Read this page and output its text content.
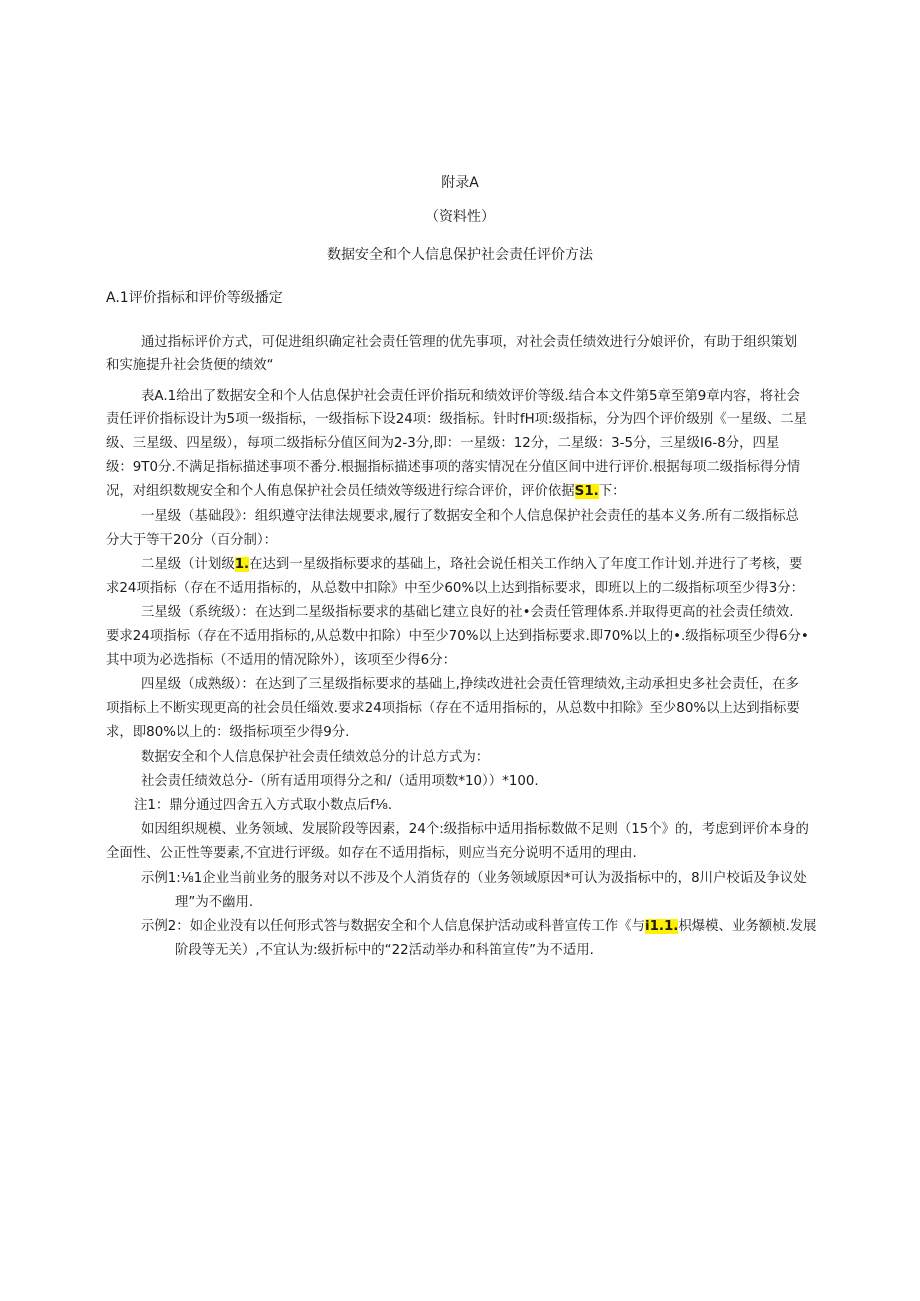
附录A
（资料性）
数据安全和个人信息保护社会责任评价方法
A.1评价指标和评价等级播定
通过指标评价方式，可促进组织确定社会责任管理的优先事项，对社会责任绩效进行分娘评价，有助于组织策划
和实施提升社会货便的绩效“
表A.1给出了数据安全和个人估息保护社会责任评价指玩和绩效评价等级.结合本文件第5章至第9章内容，将社会
责任评价指标设计为5项一级指标，一级指标下设24项：级指标。针时fH项:级指标，分为四个评价级别《一星级、二星
级、三星级、四星级），每项二级指标分值区间为2-3分,即：一星级：12分，二星级：3-5分，三星级I6-8分，四星
级：9T0分.不满足指标描述事项不番分.根掘指标描述事项的落实情况在分值区间中进行评价.根据每项二级指标得分情
况，对组织数规安全和个人侑息保护社会员任绩效等级进行综合评价，评价依据S1.下：
一星级（基础段》：组织遵守法律法规要求,履行了数据安全和个人信息保护社会责任的基本义务.所有二级指标总
分大于等干20分（百分制）：
二星级（计划级1.在达到一星级指标要求的基础上，珞社会说任相关工作纳入了年度工作计划.并进行了考核，要
求24项指标（存在不适用指标的，从总数中扣除》中至少60%以上达到指标要求，即班以上的二级指标项至少得3分：
三星级（系统级）：在达到二星级指标要求的基础匕建立良好的社•会责任管理体系.并取得更高的社会责任绩效.
要求24项指标（存在不适用指标的,从总数中扣除）中至少70%以上达到指标要求.即70%以上的•.级指标项至少得6分•
其中项为必选指标（不适用的情况除外），该项至少得6分：
四星级（成熟级）：在达到了三星级指标要求的基础上,挣续改进社会责任管理绩效,主动承担史多社会责任，在多
项指标上不断实现更高的社会员任缁效.要求24项指标（存在不适用指标的，从总数中扣除》至少80%以上达到指标要
求，即80%以上的：级指标项至少得9分.
数据安全和个人信息保护社会责任绩效总分的计总方式为：
社会责任绩效总分-（所有适用项得分之和/（适用项数*10））*100.
注1：鼎分通过四舍五入方式取小数点后f⅛.
如因组织规模、业务领域、发展阶段等因素，24个:级指标中适用指标数做不足则（15个》的，考虑到评价本身的
全面性、公正性等要素,不宜进行评级。如存在不适用指标，则应当充分说明不适用的理由.
示例1:⅛1企业当前业务的服务对以不涉及个人消货存的（业务领域原因*可认为汲指标中的，8川户校诟及争议处
理”为不幽用.
示例2：如企业没有以任何形式答与数据安全和个人信息保护活动或科普宣传工作《与i1.1.枳爆模、业务额桢.发展
阶段等无关）,不宜认为:级折标中的“22活动举办和科笛宣传”为不适用.
